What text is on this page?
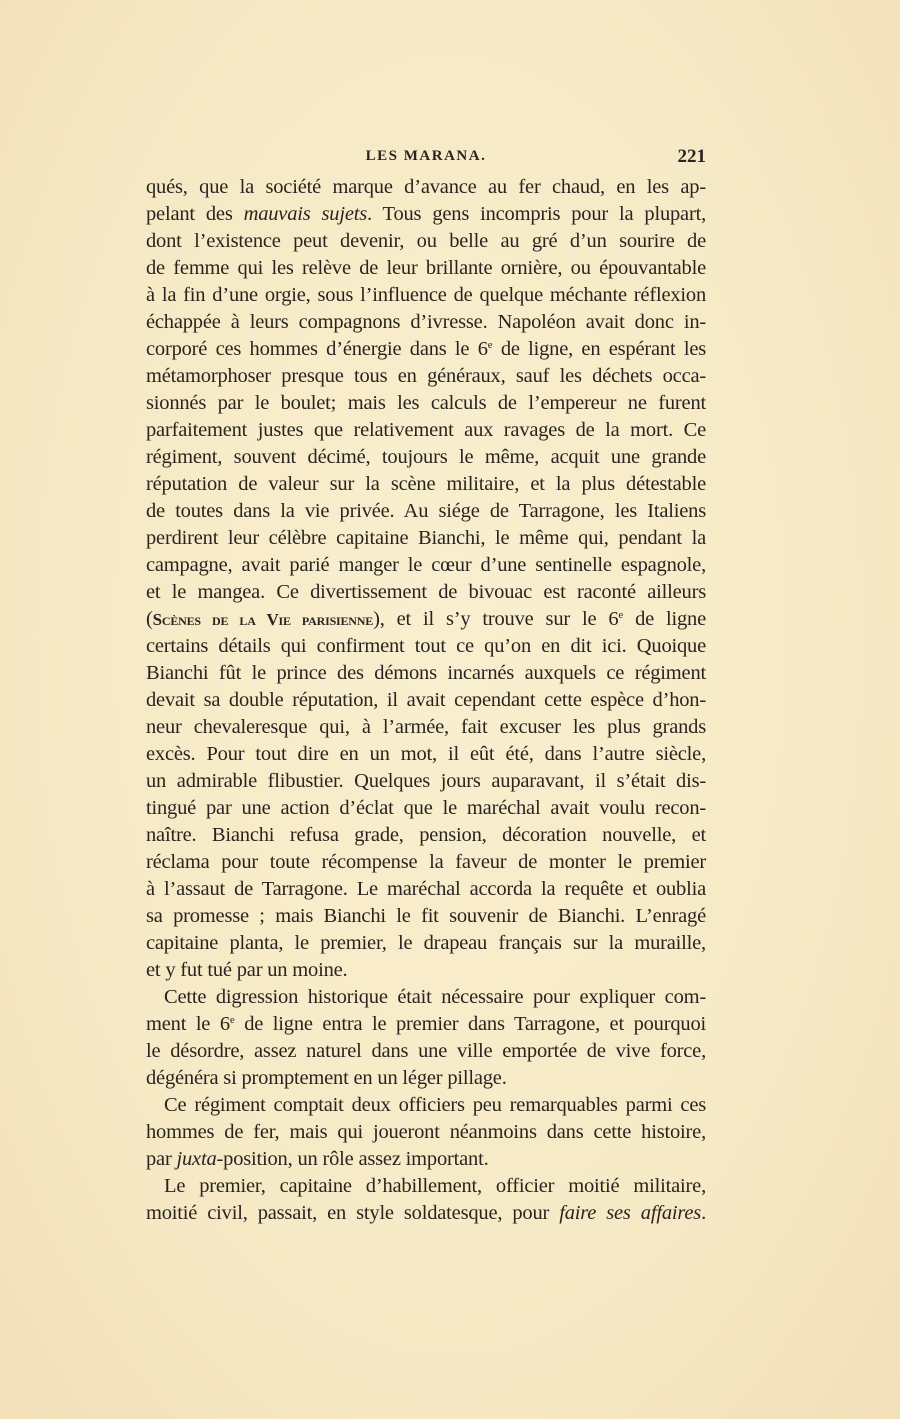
LES MARANA.	221
qués, que la société marque d’avance au fer chaud, en les ap-
pelant des mauvais sujets. Tous gens incompris pour la plupart,
dont l’existence peut devenir, ou belle au gré d’un sourire de
de femme qui les relève de leur brillante ornière, ou épouvantable
à la fin d’une orgie, sous l’influence de quelque méchante réflexion
échappée à leurs compagnons d’ivresse. Napoléon avait donc in-
corporé ces hommes d’énergie dans le 6e de ligne, en espérant les
métamorphoser presque tous en généraux, sauf les déchets occa-
sionnés par le boulet; mais les calculs de l’empereur ne furent
parfaitement justes que relativement aux ravages de la mort. Ce
régiment, souvent décimé, toujours le même, acquit une grande
réputation de valeur sur la scène militaire, et la plus détestable
de toutes dans la vie privée. Au siége de Tarragone, les Italiens
perdirent leur célèbre capitaine Bianchi, le même qui, pendant la
campagne, avait parié manger le cœur d’une sentinelle espagnole,
et le mangea. Ce divertissement de bivouac est raconté ailleurs
(Scènes de la Vie parisienne), et il s’y trouve sur le 6e de ligne
certains détails qui confirment tout ce qu’on en dit ici. Quoique
Bianchi fût le prince des démons incarnés auxquels ce régiment
devait sa double réputation, il avait cependant cette espèce d’hon-
neur chevaleresque qui, à l’armée, fait excuser les plus grands
excès. Pour tout dire en un mot, il eût été, dans l’autre siècle,
un admirable flibustier. Quelques jours auparavant, il s’était dis-
tingué par une action d’éclat que le maréchal avait voulu recon-
naître. Bianchi refusa grade, pension, décoration nouvelle, et
réclama pour toute récompense la faveur de monter le premier
à l’assaut de Tarragone. Le maréchal accorda la requête et oublia
sa promesse ; mais Bianchi le fit souvenir de Bianchi. L’enragé
capitaine planta, le premier, le drapeau français sur la muraille,
et y fut tué par un moine.
Cette digression historique était nécessaire pour expliquer com-
ment le 6e de ligne entra le premier dans Tarragone, et pourquoi
le désordre, assez naturel dans une ville emportée de vive force,
dégénéra si promptement en un léger pillage.
Ce régiment comptait deux officiers peu remarquables parmi ces
hommes de fer, mais qui joueront néanmoins dans cette histoire,
par juxta-position, un rôle assez important.
Le premier, capitaine d’habillement, officier moitié militaire,
moitié civil, passait, en style soldatesque, pour faire ses affaires.
